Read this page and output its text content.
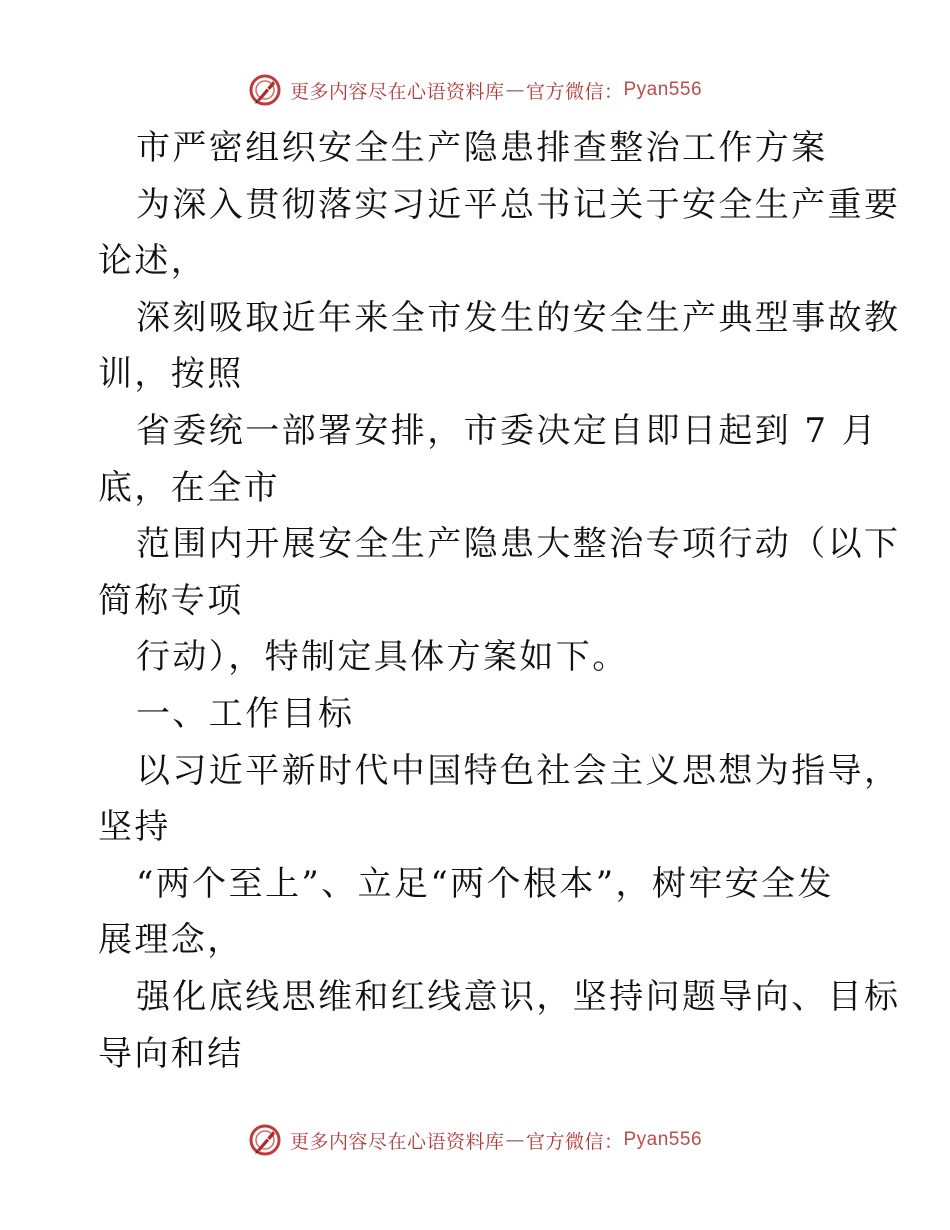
更多内容尽在心语资料库 — 官方微信： Pyan556
市严密组织安全生产隐患排查整治工作方案
为深入贯彻落实习近平总书记关于安全生产重要
论述，
深刻吸取近年来全市发生的安全生产典型事故教
训，按照
省委统一部署安排，市委决定自即日起到 7 月
底，在全市
范围内开展安全生产隐患大整治专项行动（以下
简称专项
行动），特制定具体方案如下。
一、工作目标
以习近平新时代中国特色社会主义思想为指导，
坚持
“两个至上”、立足“两个根本”，树牢安全发
展理念，
强化底线思维和红线意识，坚持问题导向、目标
导向和结
更多内容尽在心语资料库 — 官方微信： Pyan556
